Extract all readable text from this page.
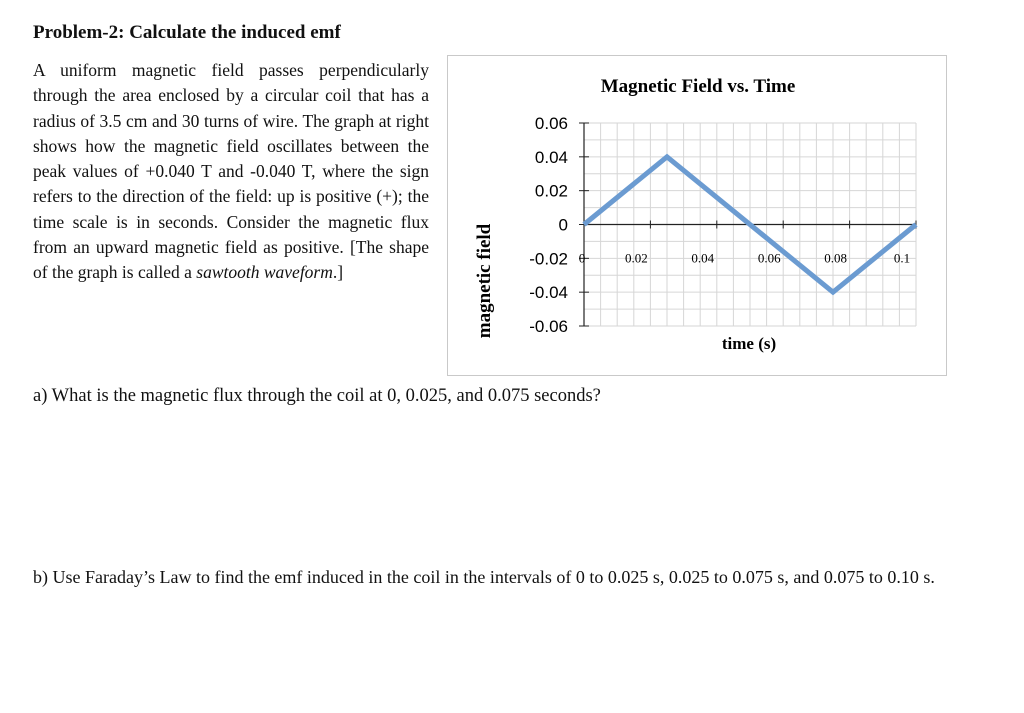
Problem-2: Calculate the induced emf
A uniform magnetic field passes perpendicularly through the area enclosed by a circular coil that has a radius of 3.5 cm and 30 turns of wire. The graph at right shows how the magnetic field oscillates between the peak values of +0.040 T and -0.040 T, where the sign refers to the direction of the field: up is positive (+); the time scale is in seconds. Consider the magnetic flux from an upward magnetic field as positive. [The shape of the graph is called a sawtooth waveform.]
Magnetic Field vs. Time
magnetic field
time (s)
0.06
0.04
0.02
0
-0.02
-0.04
-0.06
0	0.02	0.04	0.06	0.08	0.1
a) What is the magnetic flux through the coil at 0, 0.025, and 0.075 seconds?
b) Use Faraday’s Law to find the emf induced in the coil in the intervals of 0 to 0.025 s, 0.025 to 0.075 s, and 0.075 to 0.10 s.
